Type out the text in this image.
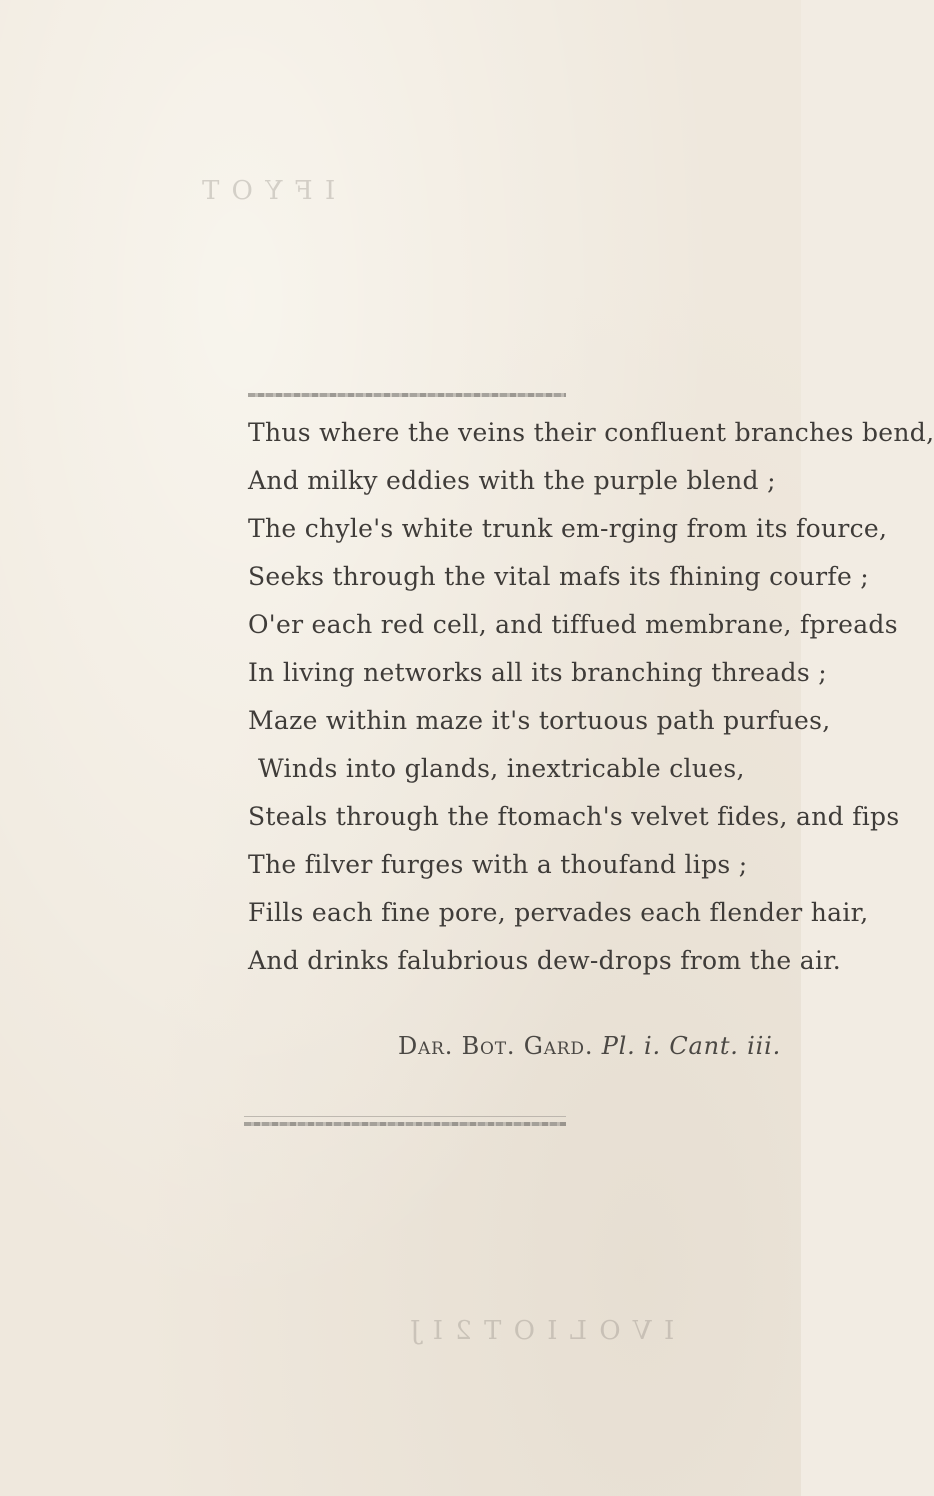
I F Y O T
I V O L I O T 2 I J
Thus where the veins their confluent branches bend,
And milky eddies with the purple blend ;
The chyle's white trunk em-rging from its fource,
Seeks through the vital mafs its fhining courfe ;
O'er each red cell, and tiffued membrane, fpreads
In living networks all its branching threads ;
Maze within maze it's tortuous path purfues,
Winds into glands, inextricable clues,
Steals through the ftomach's velvet fides, and fips
The filver furges with a thoufand lips ;
Fills each fine pore, pervades each flender hair,
And drinks falubrious dew-drops from the air.
Dar. Bot. Gard. Pl. i. Cant. iii.
